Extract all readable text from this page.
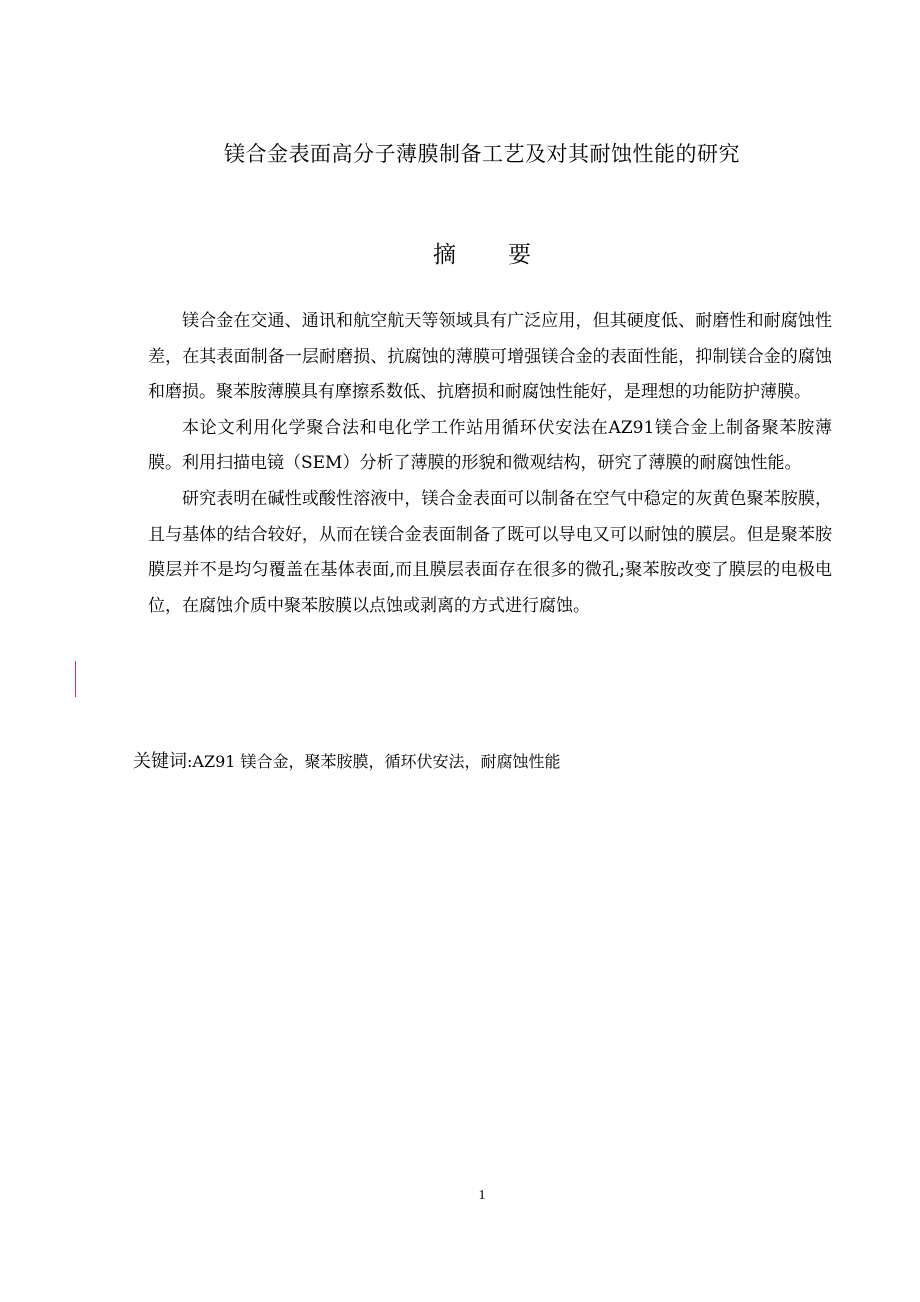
镁合金表面高分子薄膜制备工艺及对其耐蚀性能的研究
摘要

镁合金在交通、通讯和航空航天等领域具有广泛应用，但其硬度低、耐磨性和耐腐蚀性差，在其表面制备一层耐磨损、抗腐蚀的薄膜可增强镁合金的表面性能，抑制镁合金的腐蚀和磨损。聚苯胺薄膜具有摩擦系数低、抗磨损和耐腐蚀性能好，是理想的功能防护薄膜。

本论文利用化学聚合法和电化学工作站用循环伏安法在AZ91镁合金上制备聚苯胺薄膜。利用扫描电镜（SEM）分析了薄膜的形貌和微观结构，研究了薄膜的耐腐蚀性能。

研究表明在碱性或酸性溶液中，镁合金表面可以制备在空气中稳定的灰黄色聚苯胺膜，且与基体的结合较好，从而在镁合金表面制备了既可以导电又可以耐蚀的膜层。但是聚苯胺膜层并不是均匀覆盖在基体表面,而且膜层表面存在很多的微孔;聚苯胺改变了膜层的电极电位，在腐蚀介质中聚苯胺膜以点蚀或剥离的方式进行腐蚀。

关键词:AZ91 镁合金，聚苯胺膜，循环伏安法，耐腐蚀性能
1
